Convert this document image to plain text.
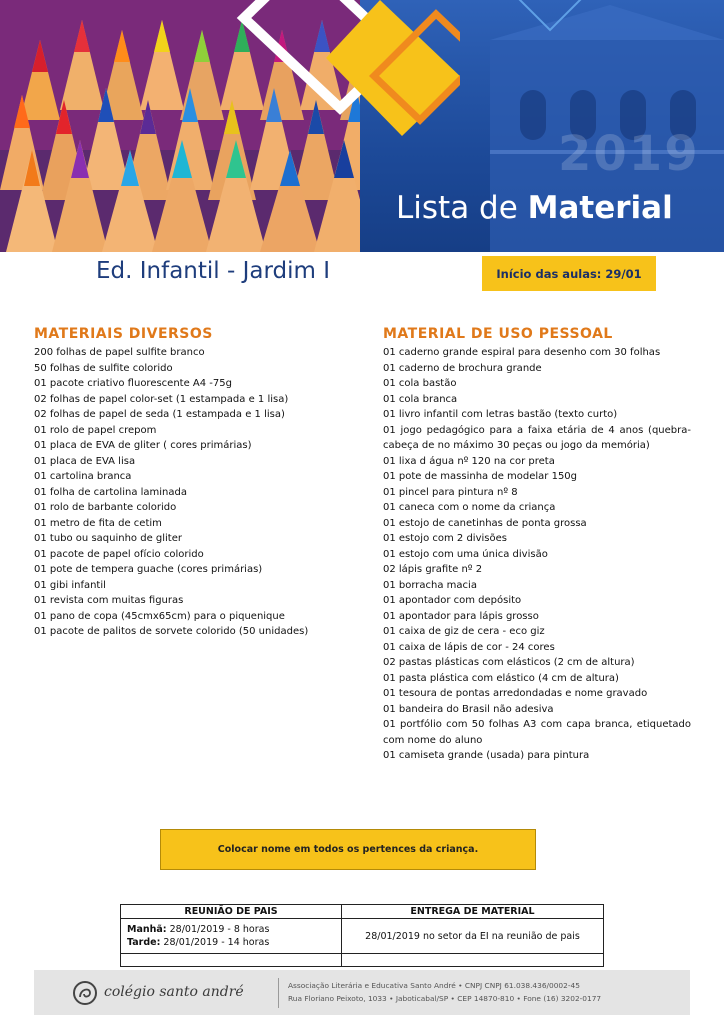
2019
Lista de Material
Ed. Infantil - Jardim I	Início das aulas: 29/01
MATERIAIS DIVERSOS
200 folhas de papel sulfite branco
50 folhas de sulfite colorido
01 pacote criativo fluorescente A4 -75g
02 folhas de papel color-set (1 estampada e 1 lisa)
02 folhas de papel de seda (1 estampada e 1 lisa)
01 rolo de papel crepom
01 placa de EVA de gliter ( cores primárias)
01 placa de EVA lisa
01 cartolina branca
01 folha de cartolina laminada
01 rolo de barbante colorido
01 metro de fita de cetim
01 tubo ou saquinho de gliter
01 pacote de papel ofício colorido
01 pote de tempera guache (cores primárias)
01 gibi infantil
01 revista com muitas figuras
01 pano de copa (45cmx65cm) para o piquenique
01 pacote de palitos de sorvete colorido (50 unidades)
MATERIAL DE USO PESSOAL
01 caderno grande espiral para desenho com 30 folhas
01 caderno de brochura grande
01 cola bastão
01 cola branca
01 livro infantil com letras bastão (texto curto)
01 jogo pedagógico para a faixa etária de 4 anos (quebra-cabeça de no máximo 30 peças ou jogo da memória)
01 lixa d água nº 120 na cor preta
01 pote de massinha de modelar 150g
01 pincel para pintura nº 8
01 caneca com o nome da criança
01 estojo de canetinhas de ponta grossa
01 estojo com 2 divisões
01 estojo com uma única divisão
02 lápis grafite nº 2
01 borracha macia
01 apontador com depósito
01 apontador para lápis grosso
01 caixa de giz de cera - eco giz
01 caixa de lápis de cor - 24 cores
02 pastas plásticas com elásticos (2 cm de altura)
01 pasta plástica com elástico (4 cm de altura)
01 tesoura de pontas arredondadas e nome gravado
01 bandeira do Brasil não adesiva
01 portfólio com 50 folhas A3 com capa branca, etiquetado com nome do aluno
01 camiseta grande (usada) para pintura
Colocar nome em todos os pertences da criança.
REUNIÃO DE PAIS	ENTREGA DE MATERIAL

Manhã: 28/01/2019 - 8 horas
Tarde: 28/01/2019 - 14 horas	28/01/2019 no setor da EI na reunião de pais

colégio santo andré	Associação Literária e Educativa Santo André • CNPJ CNPJ 61.038.436/0002-45
Rua Floriano Peixoto, 1033 • Jaboticabal/SP • CEP 14870-810 • Fone (16) 3202-0177
